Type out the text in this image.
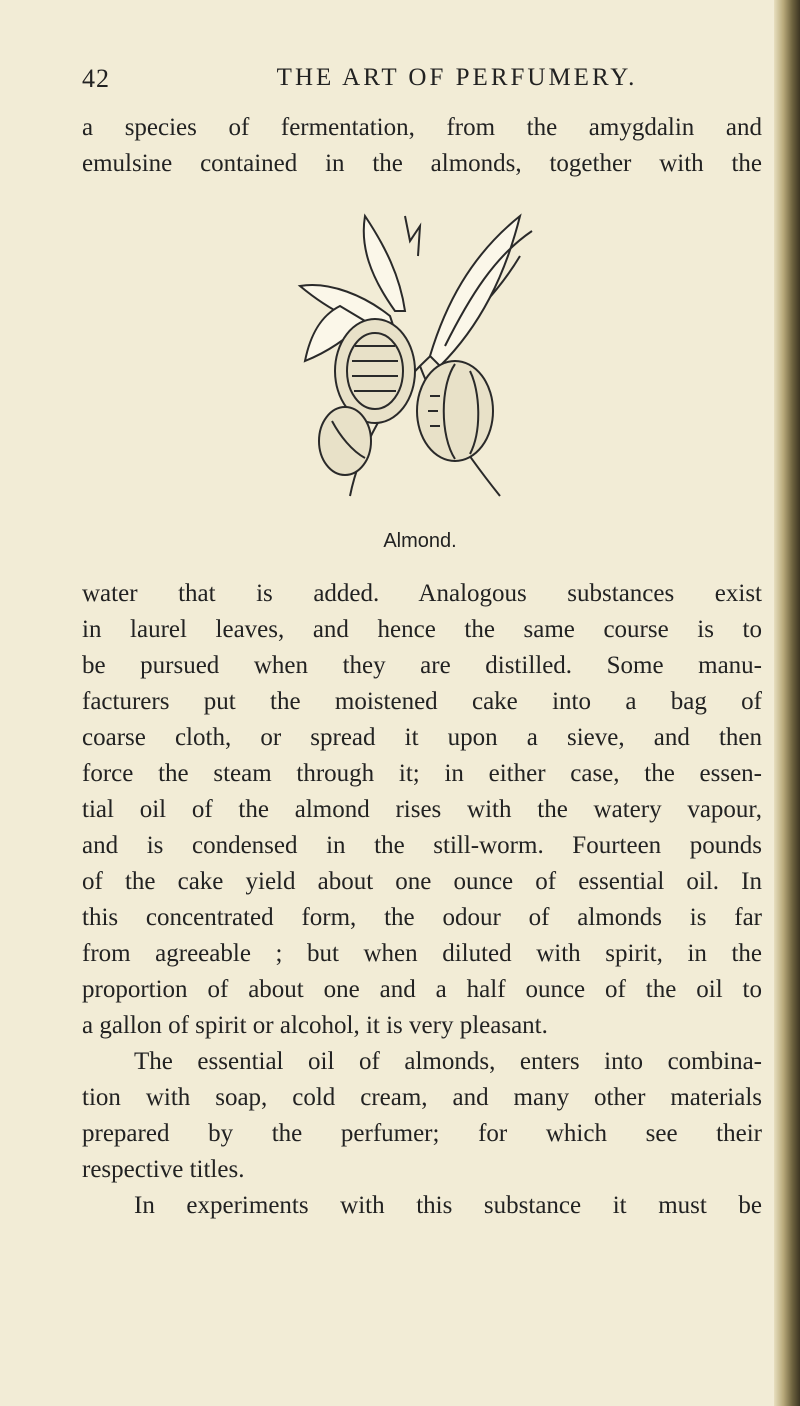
42	THE ART OF PERFUMERY.

a species of fermentation, from the amygdalin and

emulsine contained in the almonds, together with the

Almond.

water that is added. Analogous substances exist

in laurel leaves, and hence the same course is to

be pursued when they are distilled. Some manu-

facturers put the moistened cake into a bag of

coarse cloth, or spread it upon a sieve, and then

force the steam through it; in either case, the essen-

tial oil of the almond rises with the watery vapour,

and is condensed in the still-worm. Fourteen pounds

of the cake yield about one ounce of essential oil. In

this concentrated form, the odour of almonds is far

from agreeable ; but when diluted with spirit, in the

proportion of about one and a half ounce of the oil to

a gallon of spirit or alcohol, it is very pleasant.

The essential oil of almonds, enters into combina-

tion with soap, cold cream, and many other materials

prepared by the perfumer; for which see their

respective titles.

In experiments with this substance it must be
